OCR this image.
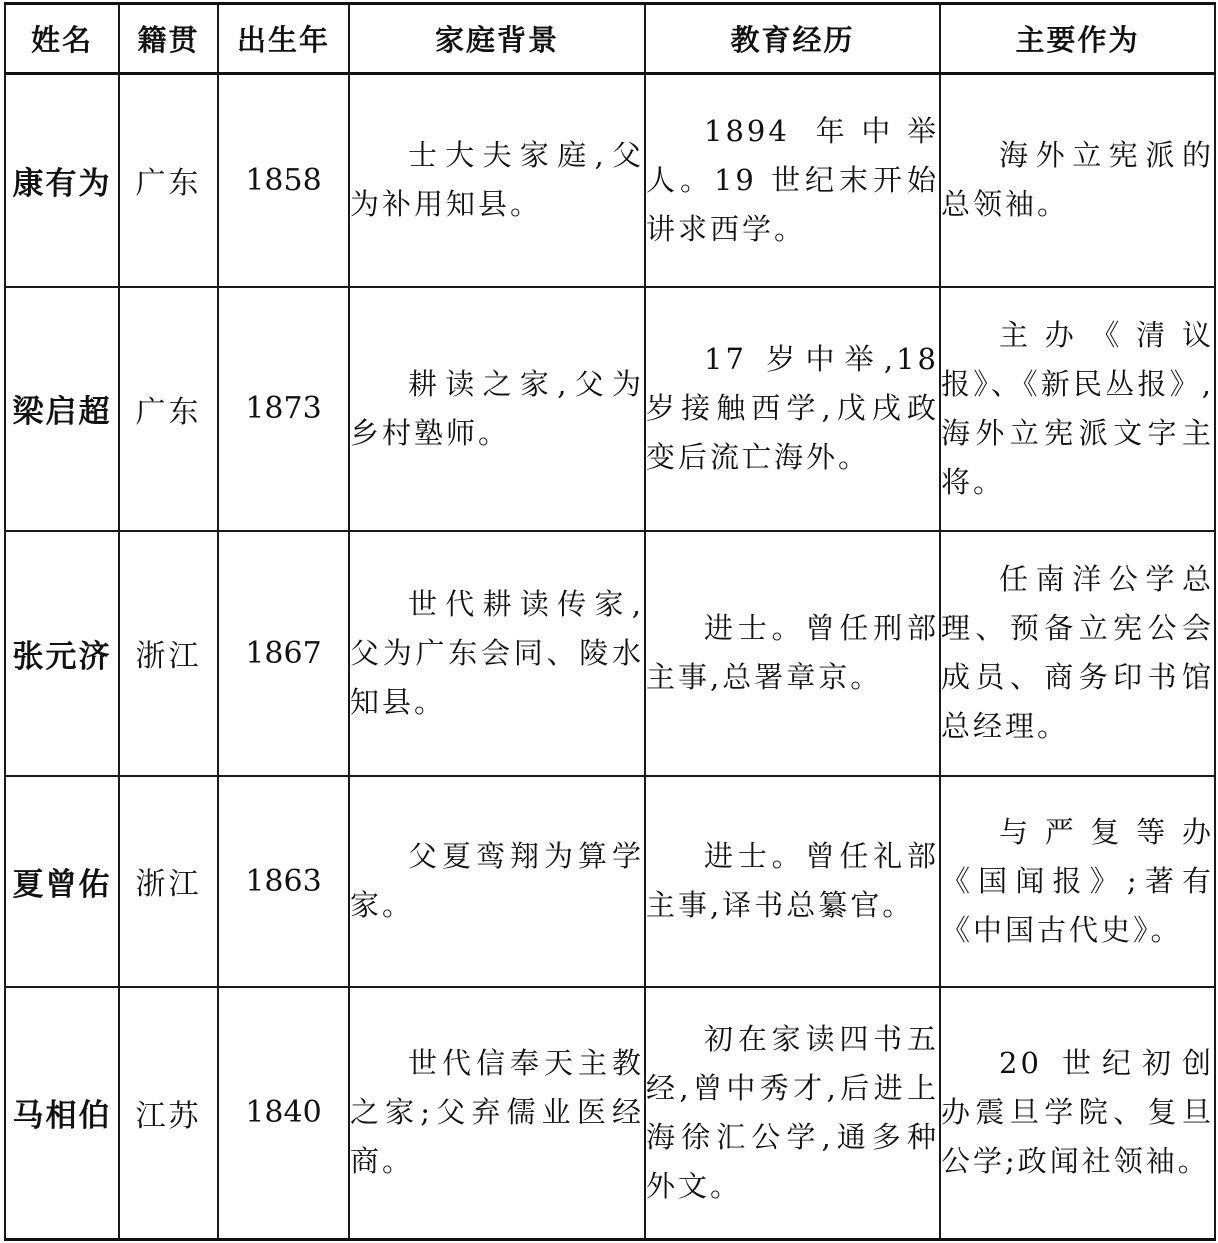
姓名	籍贯	出生年	家庭背景	教育经历	主要作为
康有为	广东	1858	士大夫家庭,父为补用知县。	1894 年中举人。19 世纪末开始讲求西学。	海外立宪派的总领袖。

梁启超	广东	1873	耕读之家,父为乡村塾师。	17 岁中举,18 岁接触西学,戊戌政变后流亡海外。	主办《清议报》、《新民丛报》,海外立宪派文字主将。

张元济	浙江	1867	世代耕读传家,父为广东会同、陵水知县。	进士。曾任刑部主事,总署章京。	任南洋公学总理、预备立宪公会成员、商务印书馆总经理。

夏曾佑	浙江	1863	父夏鸾翔为算学家。	进士。曾任礼部主事,译书总纂官。	与严复等办《国闻报》;著有《中国古代史》。

马相伯	江苏	1840	世代信奉天主教之家;父弃儒业医经商。	初在家读四书五经,曾中秀才,后进上海徐汇公学,通多种外文。	20 世纪初创办震旦学院、复旦公学;政闻社领袖。
